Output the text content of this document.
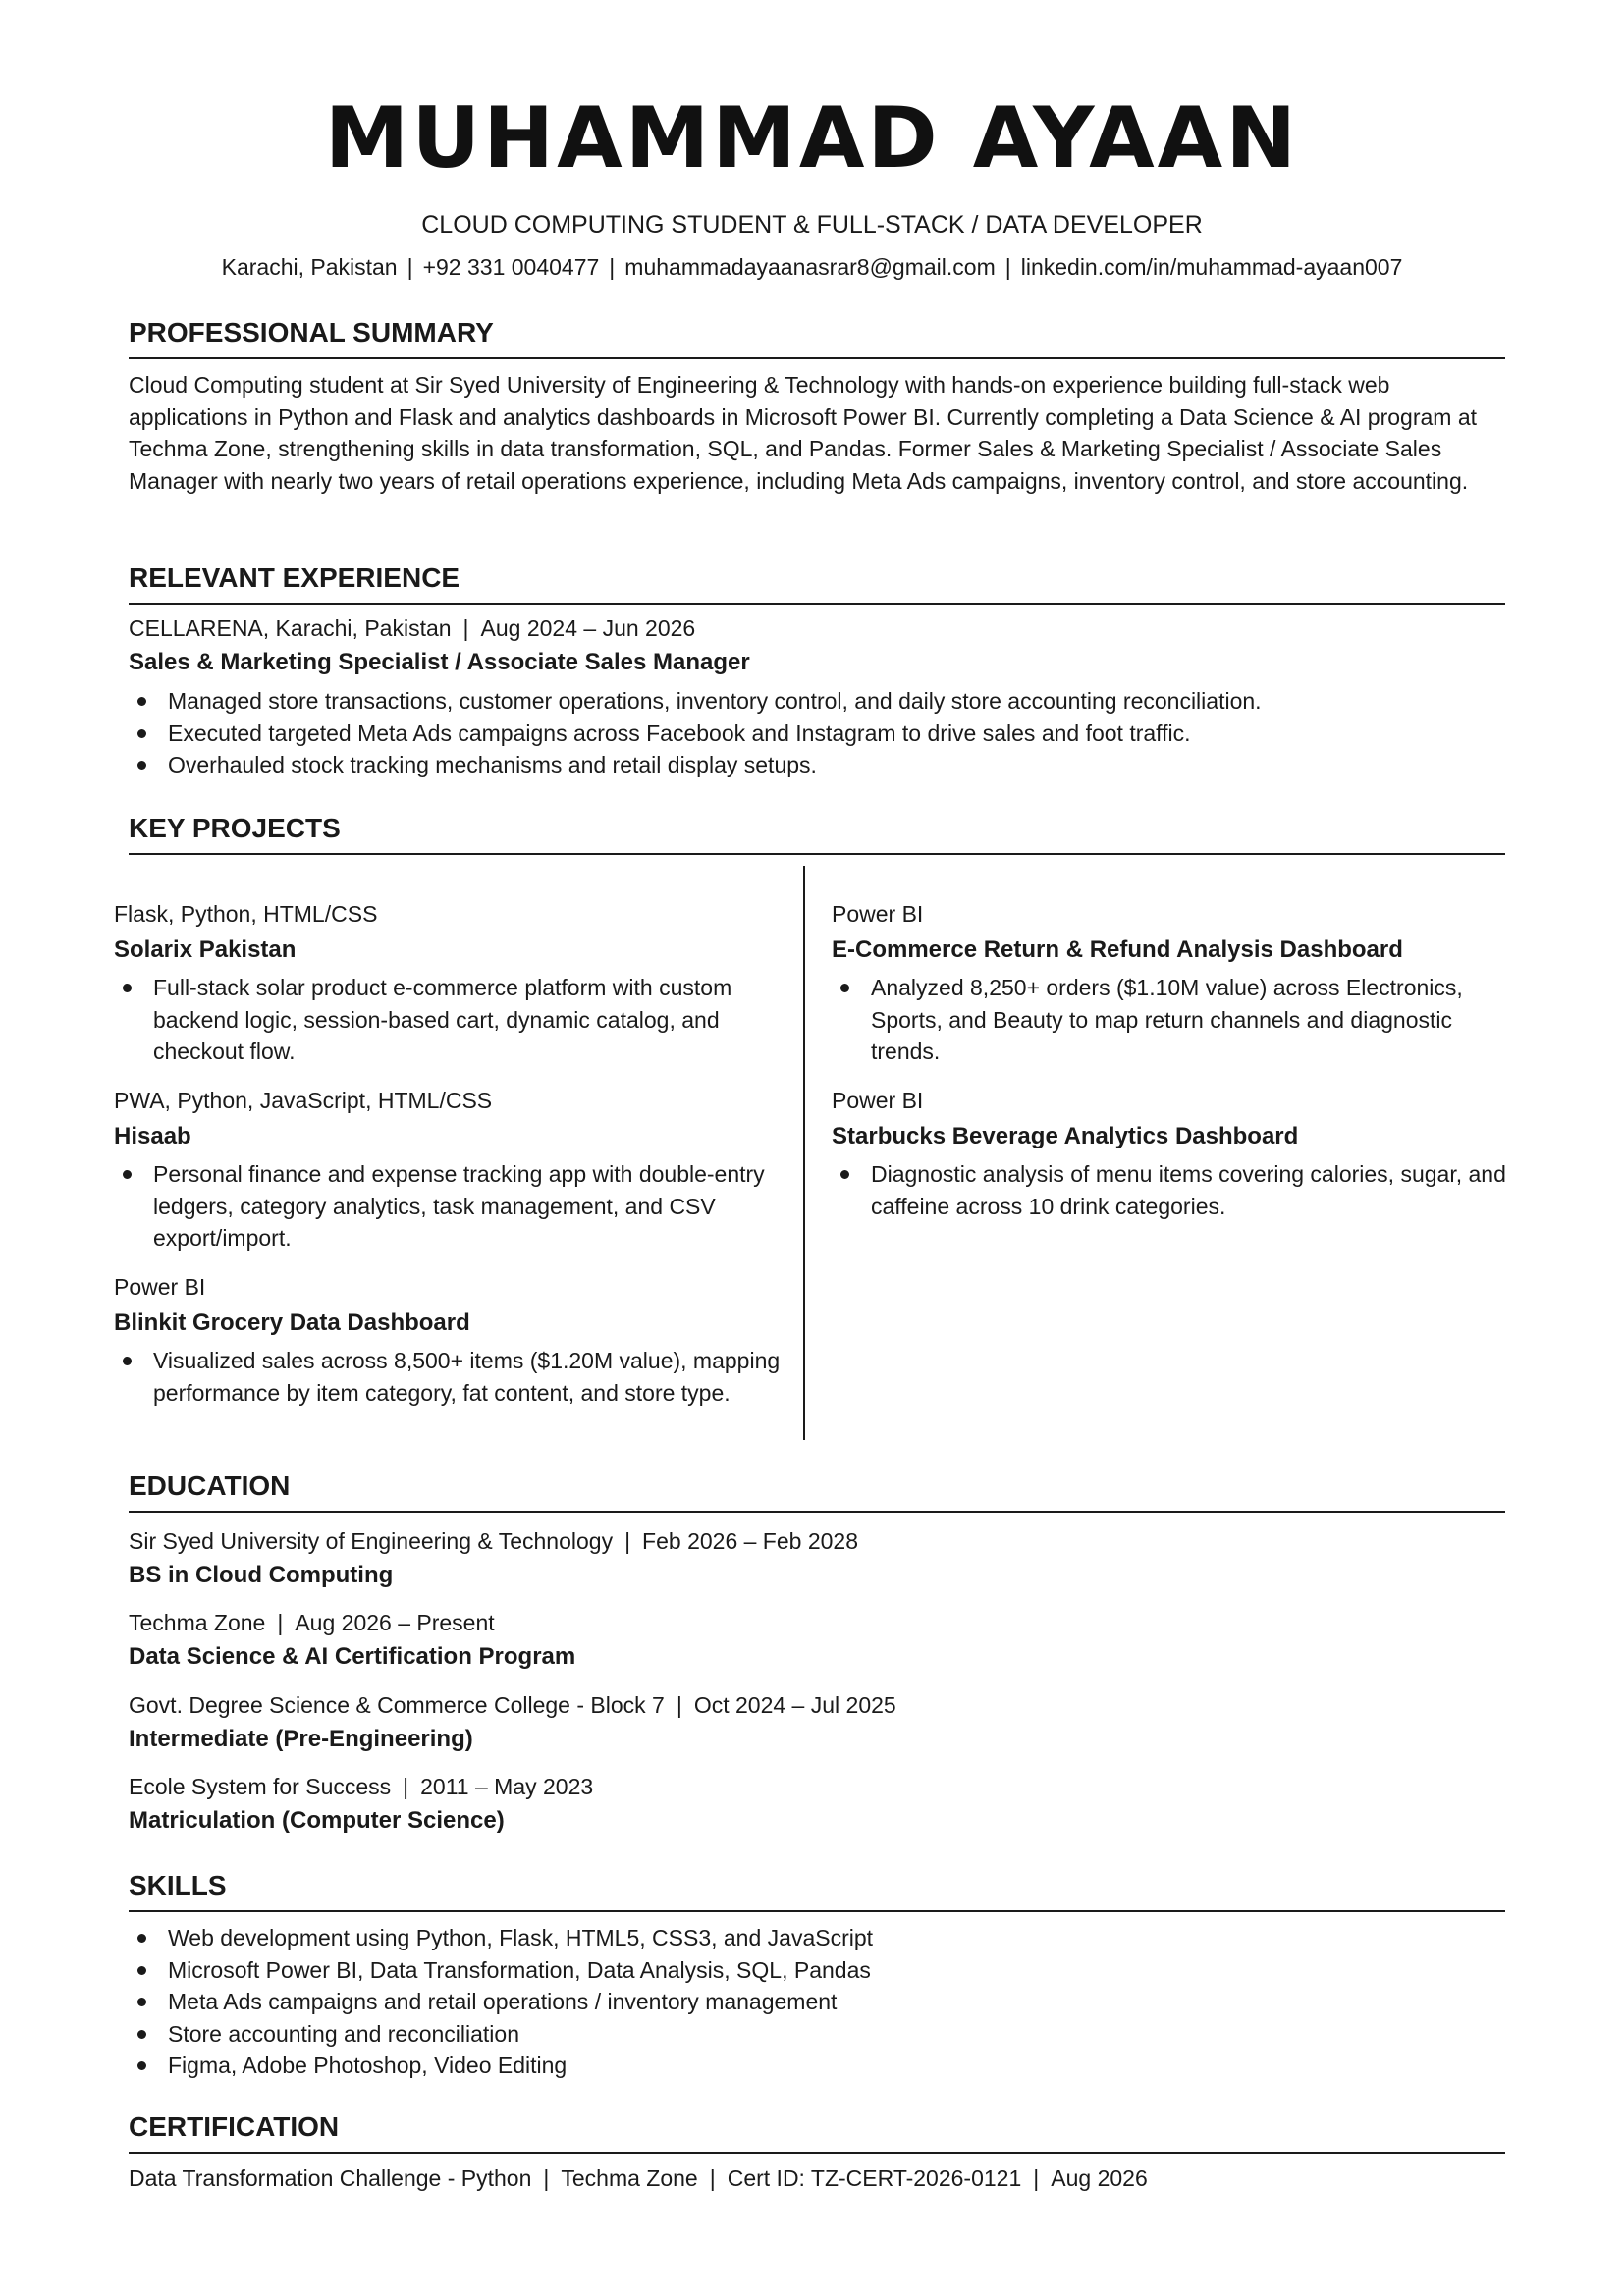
MUHAMMAD AYAAN
CLOUD COMPUTING STUDENT & FULL-STACK / DATA DEVELOPER
Karachi, Pakistan | +92 331 0040477 | muhammadayaanasrar8@gmail.com | linkedin.com/in/muhammad-ayaan007
PROFESSIONAL SUMMARY
Cloud Computing student at Sir Syed University of Engineering & Technology with hands-on experience building full-stack web applications in Python and Flask and analytics dashboards in Microsoft Power BI. Currently completing a Data Science & AI program at Techma Zone, strengthening skills in data transformation, SQL, and Pandas. Former Sales & Marketing Specialist / Associate Sales Manager with nearly two years of retail operations experience, including Meta Ads campaigns, inventory control, and store accounting.
RELEVANT EXPERIENCE
CELLARENA, Karachi, Pakistan | Aug 2024 – Jun 2026
Sales & Marketing Specialist / Associate Sales Manager
Managed store transactions, customer operations, inventory control, and daily store accounting reconciliation.
Executed targeted Meta Ads campaigns across Facebook and Instagram to drive sales and foot traffic.
Overhauled stock tracking mechanisms and retail display setups.
KEY PROJECTS
Flask, Python, HTML/CSS
Solarix Pakistan
Full-stack solar product e-commerce platform with custom backend logic, session-based cart, dynamic catalog, and checkout flow.
PWA, Python, JavaScript, HTML/CSS
Hisaab
Personal finance and expense tracking app with double-entry ledgers, category analytics, task management, and CSV export/import.
Power BI
Blinkit Grocery Data Dashboard
Visualized sales across 8,500+ items ($1.20M value), mapping performance by item category, fat content, and store type.
Power BI
E-Commerce Return & Refund Analysis Dashboard
Analyzed 8,250+ orders ($1.10M value) across Electronics, Sports, and Beauty to map return channels and diagnostic trends.
Power BI
Starbucks Beverage Analytics Dashboard
Diagnostic analysis of menu items covering calories, sugar, and caffeine across 10 drink categories.
EDUCATION
Sir Syed University of Engineering & Technology | Feb 2026 – Feb 2028
BS in Cloud Computing
Techma Zone | Aug 2026 – Present
Data Science & AI Certification Program
Govt. Degree Science & Commerce College - Block 7 | Oct 2024 – Jul 2025
Intermediate (Pre-Engineering)
Ecole System for Success | 2011 – May 2023
Matriculation (Computer Science)
SKILLS
Web development using Python, Flask, HTML5, CSS3, and JavaScript
Microsoft Power BI, Data Transformation, Data Analysis, SQL, Pandas
Meta Ads campaigns and retail operations / inventory management
Store accounting and reconciliation
Figma, Adobe Photoshop, Video Editing
CERTIFICATION
Data Transformation Challenge - Python | Techma Zone | Cert ID: TZ-CERT-2026-0121 | Aug 2026
